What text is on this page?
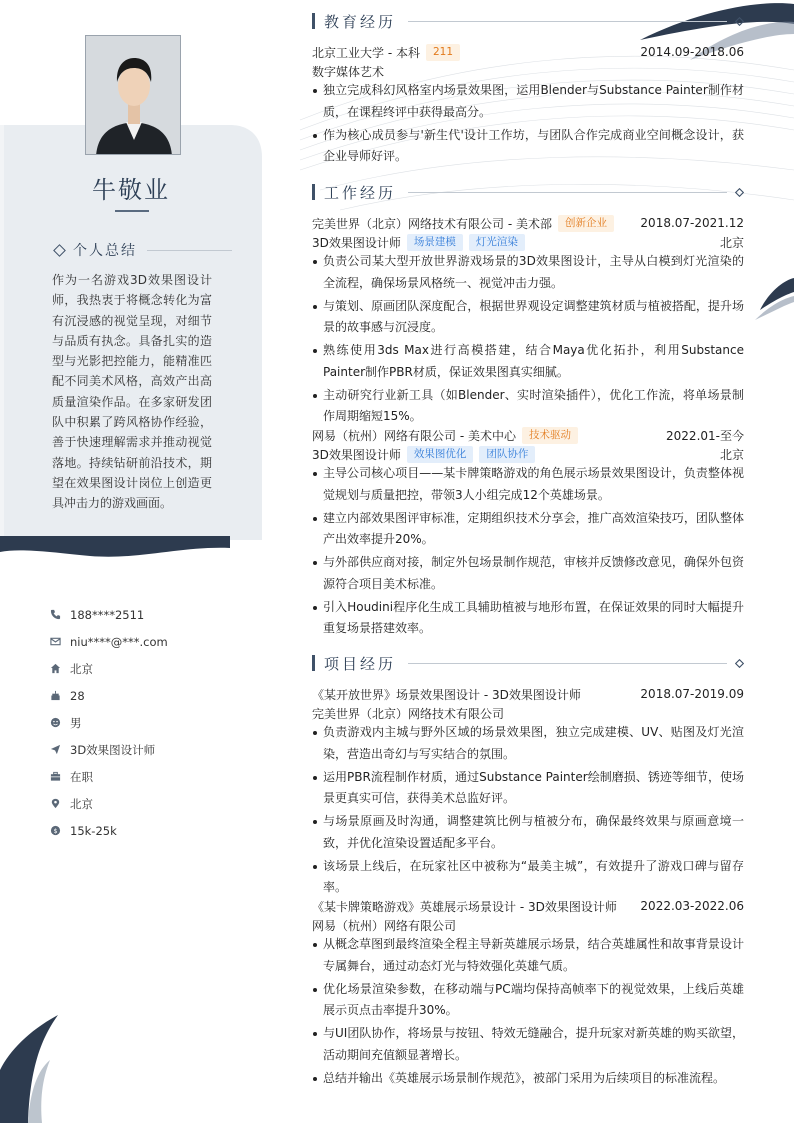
牛敬业
个人总结
作为一名游戏3D效果图设计师，我热衷于将概念转化为富有沉浸感的视觉呈现，对细节与品质有执念。具备扎实的造型与光影把控能力，能精准匹配不同美术风格，高效产出高质量渲染作品。在多家研发团队中积累了跨风格协作经验，善于快速理解需求并推动视觉落地。持续钻研前沿技术，期望在效果图设计岗位上创造更具冲击力的游戏画面。
188****2511
niu****@***.com
北京
28
男
3D效果图设计师
在职
北京
$ 15k-25k
教育经历
北京工业大学 - 本科	211	2014.09-2018.06
数字媒体艺术
独立完成科幻风格室内场景效果图，运用Blender与Substance Painter制作材质，在课程终评中获得最高分。
作为核心成员参与'新生代'设计工作坊，与团队合作完成商业空间概念设计，获企业导师好评。
工作经历
完美世界（北京）网络技术有限公司 - 美术部	创新企业	2018.07-2021.12
3D效果图设计师	场景建模	灯光渲染	北京
负责公司某大型开放世界游戏场景的3D效果图设计，主导从白模到灯光渲染的全流程，确保场景风格统一、视觉冲击力强。
与策划、原画团队深度配合，根据世界观设定调整建筑材质与植被搭配，提升场景的故事感与沉浸度。
熟练使用3ds Max进行高模搭建，结合Maya优化拓扑，利用Substance Painter制作PBR材质，保证效果图真实细腻。
主动研究行业新工具（如Blender、实时渲染插件），优化工作流，将单场景制作周期缩短15%。
网易（杭州）网络有限公司 - 美术中心	技术驱动	2022.01-至今
3D效果图设计师	效果图优化	团队协作	北京
主导公司核心项目——某卡牌策略游戏的角色展示场景效果图设计，负责整体视觉规划与质量把控，带领3人小组完成12个英雄场景。
建立内部效果图评审标准，定期组织技术分享会，推广高效渲染技巧，团队整体产出效率提升20%。
与外部供应商对接，制定外包场景制作规范，审核并反馈修改意见，确保外包资源符合项目美术标准。
引入Houdini程序化生成工具辅助植被与地形布置，在保证效果的同时大幅提升重复场景搭建效率。
项目经历
《某开放世界》场景效果图设计 - 3D效果图设计师	2018.07-2019.09
完美世界（北京）网络技术有限公司
负责游戏内主城与野外区域的场景效果图，独立完成建模、UV、贴图及灯光渲染，营造出奇幻与写实结合的氛围。
运用PBR流程制作材质，通过Substance Painter绘制磨损、锈迹等细节，使场景更真实可信，获得美术总监好评。
与场景原画及时沟通，调整建筑比例与植被分布，确保最终效果与原画意境一致，并优化渲染设置适配多平台。
该场景上线后，在玩家社区中被称为“最美主城”，有效提升了游戏口碑与留存率。
《某卡牌策略游戏》英雄展示场景设计 - 3D效果图设计师 2022.03-2022.06
网易（杭州）网络有限公司
从概念草图到最终渲染全程主导新英雄展示场景，结合英雄属性和故事背景设计专属舞台，通过动态灯光与特效强化英雄气质。
优化场景渲染参数，在移动端与PC端均保持高帧率下的视觉效果，上线后英雄展示页点击率提升30%。
与UI团队协作，将场景与按钮、特效无缝融合，提升玩家对新英雄的购买欲望，活动期间充值额显著增长。
总结并输出《英雄展示场景制作规范》，被部门采用为后续项目的标准流程。
